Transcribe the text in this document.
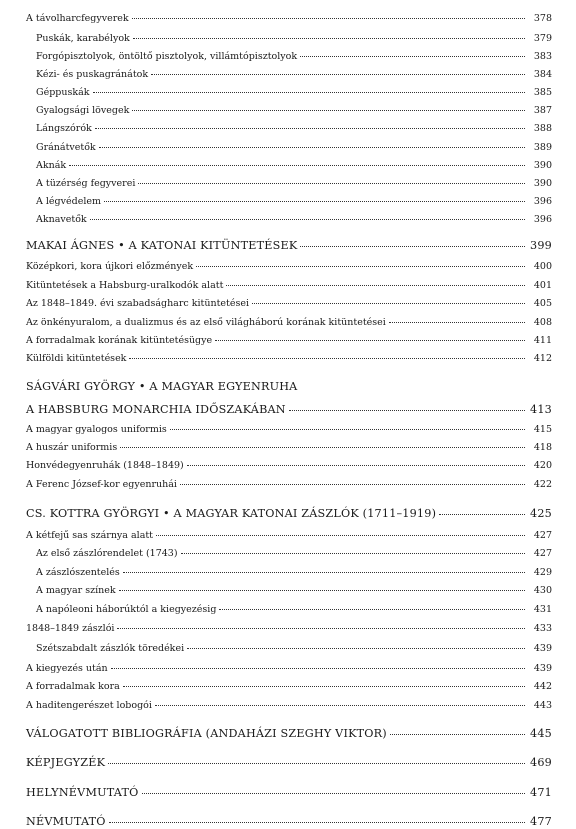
A távolharcfegyverek	378
Puskák, karabélyok	379
Forgópisztolyok, öntöltő pisztolyok, villámtópisztolyok	383
Kézi- és puskagránátok	384
Géppuskák	385
Gyalogsági lövegek	387
Lángszórók	388
Gránátvetők	389
Aknák	390
A tüzérség fegyverei	390
A légvédelem	396
Aknavetők	396
MAKAI ÁGNES • A KATONAI KITÜNTETÉSEK	399
Középkori, kora újkori előzmények	400
Kitüntetések a Habsburg-uralkodók alatt	401
Az 1848–1849. évi szabadságharc kitüntetései	405
Az önkényuralom, a dualizmus és az első világháború korának kitüntetései	408
A forradalmak korának kitüntetésügye	411
Külföldi kitüntetések	412
SÁGVÁRI GYÖRGY • A MAGYAR EGYENRUHA
A HABSBURG MONARCHIA IDŐSZAKÁBAN	413
A magyar gyalogos uniformis	415
A huszár uniformis	418
Honvédegyenruhák (1848–1849)	420
A Ferenc József-kor egyenruhái	422
CS. KOTTRA GYÖRGYI • A MAGYAR KATONAI ZÁSZLÓK (1711–1919)	425
A kétfejű sas szárnya alatt	427
Az első zászlórendelet (1743)	427
A zászlószentelés	429
A magyar színek	430
A napóleoni háborúktól a kiegyezésig	431
1848–1849 zászlói	433
Szétszabdalt zászlók töredékei	439
A kiegyezés után	439
A forradalmak kora	442
A haditengerészet lobogói	443
VÁLOGATOTT BIBLIOGRÁFIA (ANDAHÁZI SZEGHY VIKTOR)	445
KÉPJEGYZÉK	469
HELYNÉVMUTATÓ	471
NÉVMUTATÓ	477
